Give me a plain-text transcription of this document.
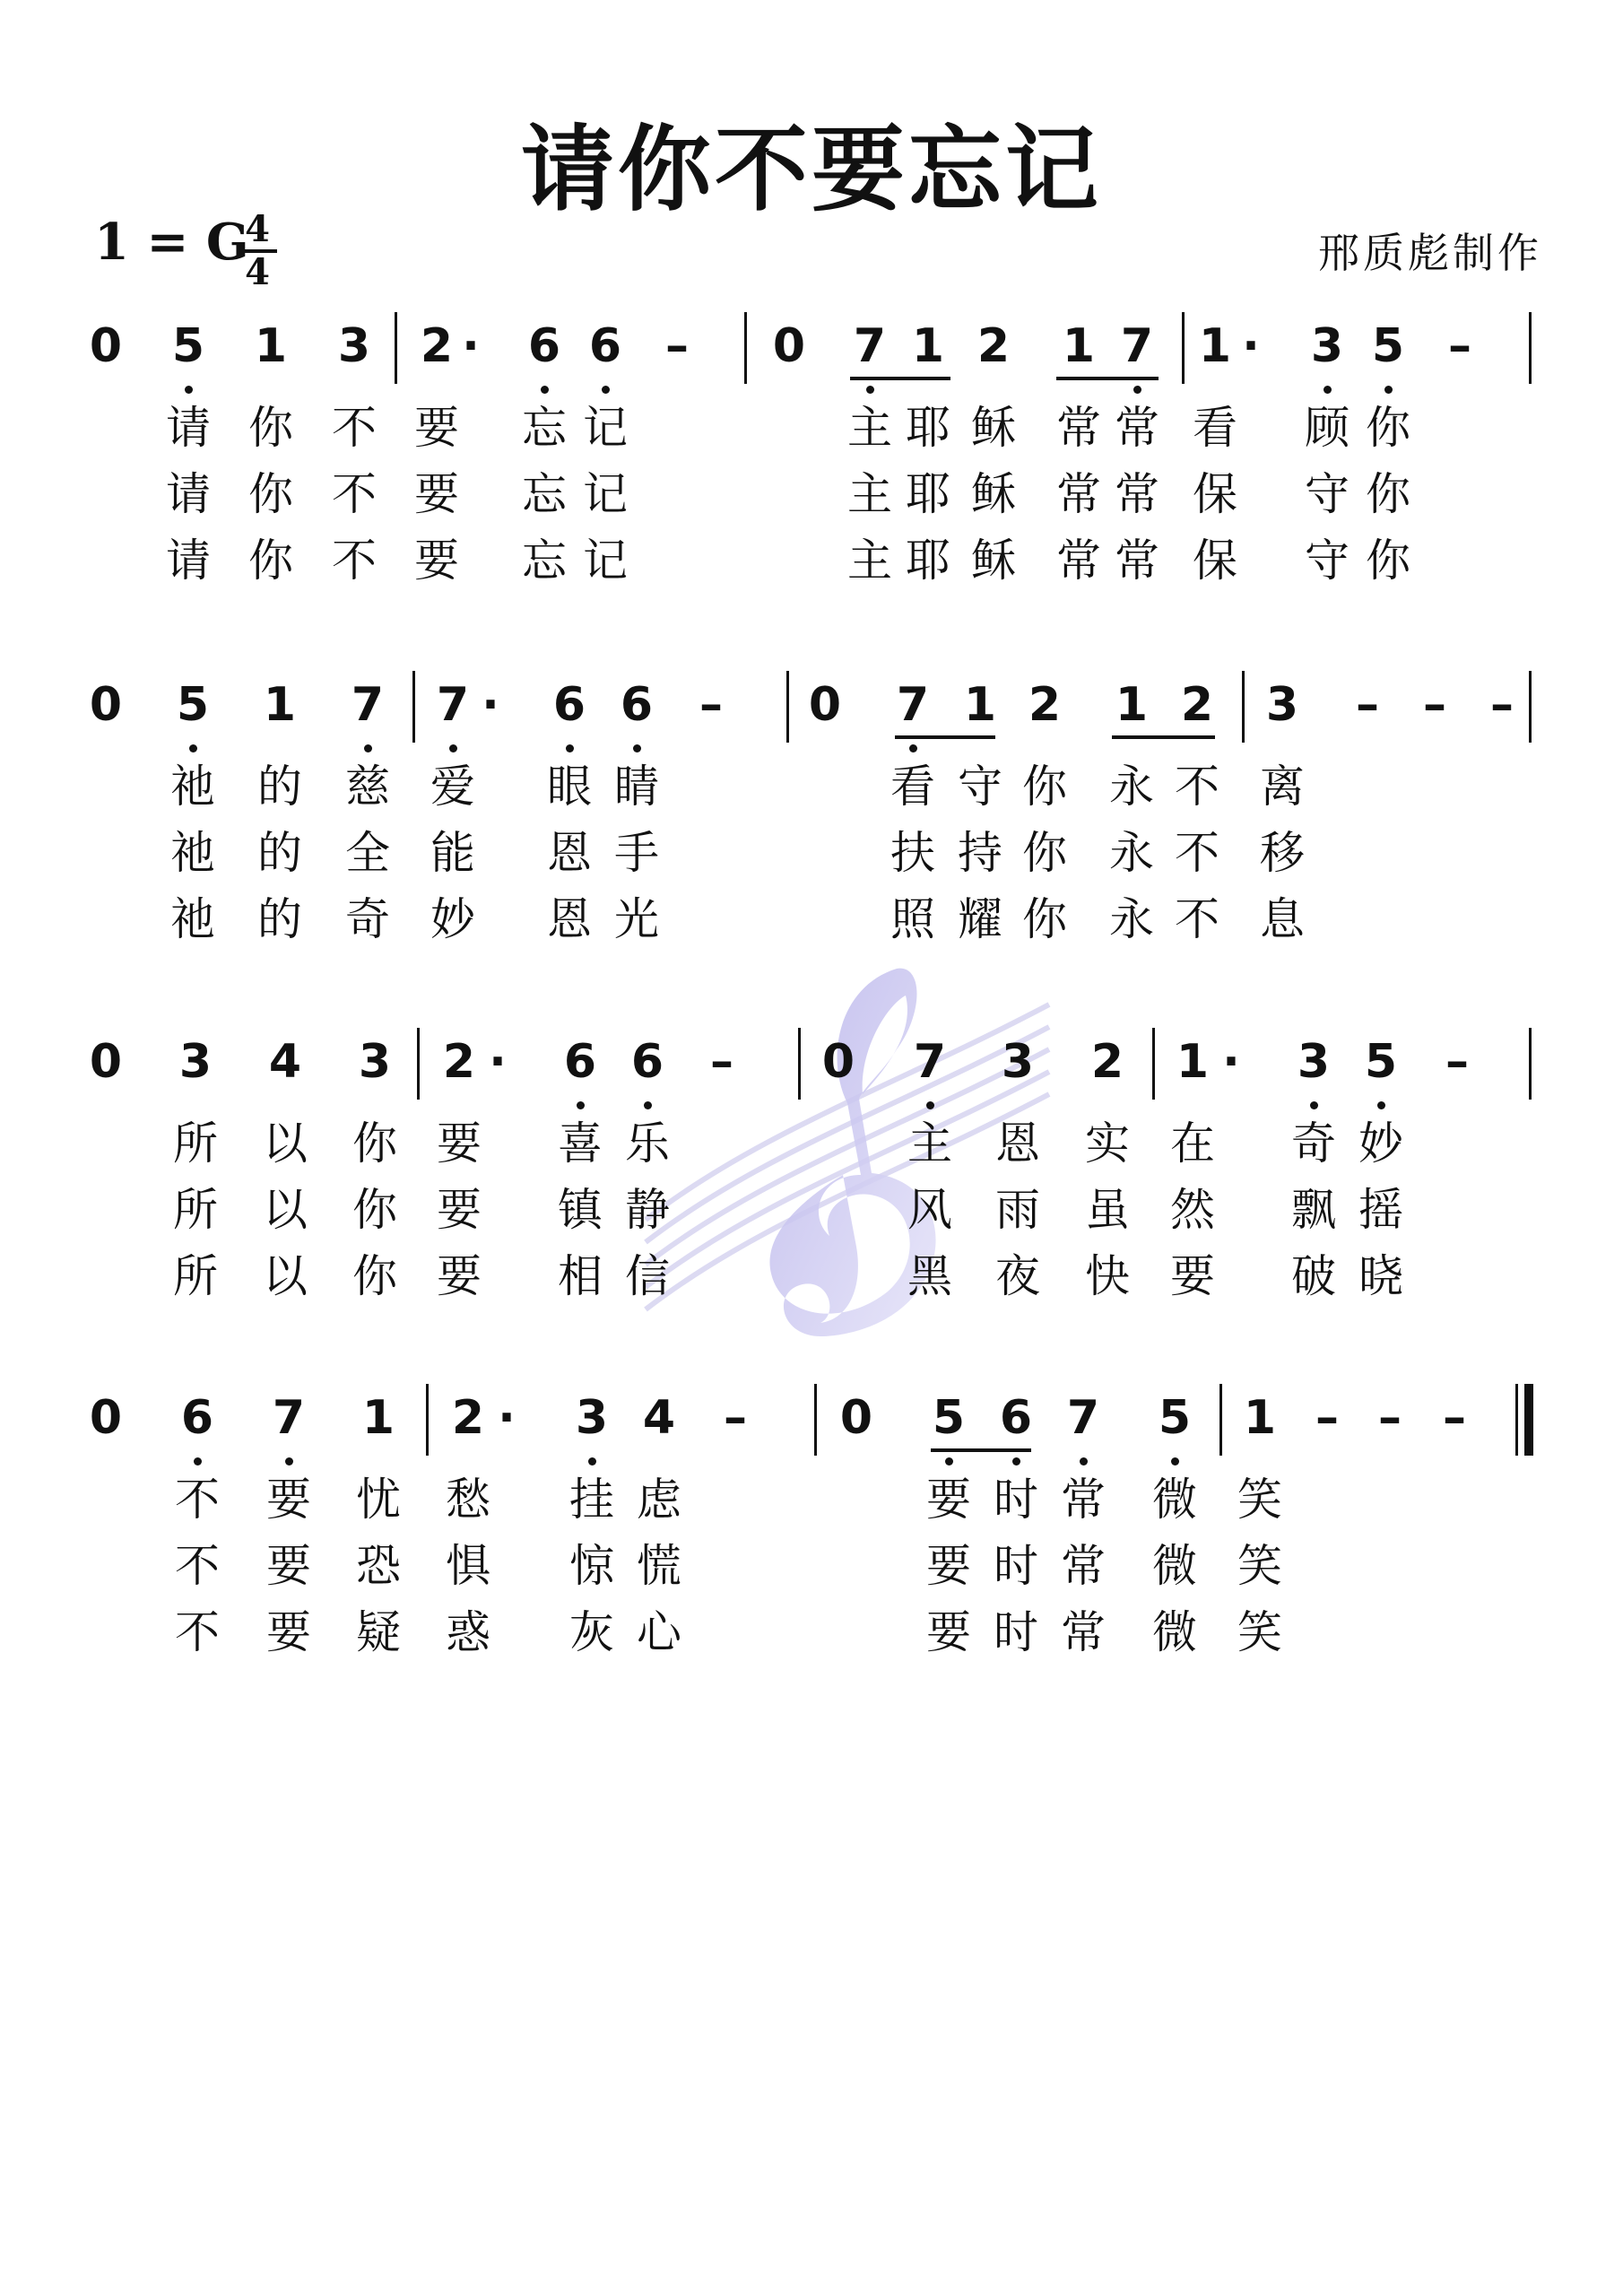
请你不要忘记
1 = G
$\frac{4}{4}$	邢质彪制作
0 5 1 3 2 · 6 6 – 0 7 1 2 1 7 1 · 3 5 –
请 你 不 要 忘 记	主 耶 稣 常 常 看 顾 你
请 你 不 要 忘 记	主 耶 稣 常 常 保 守 你
请 你 不 要 忘 记	主 耶 稣 常 常 保 守 你
0 5 1 7 7 · 6 6 – 0 7 1 2 1 2 3 – – –
祂 的 慈 爱 眼 睛	看 守 你 永 不 离
祂 的 全 能 恩 手	扶 持 你 永 不 移
祂 的 奇 妙 恩 光	照 耀 你 永 不 息
0 3 4 3 2 · 6 6 – 0 7 3 2 1 · 3 5 –
所 以 你 要 喜 乐	主 恩 实 在 奇 妙
所 以 你 要 镇 静	风 雨 虽 然 飘 摇
所 以 你 要 相 信	黑 夜 快 要 破 晓
0 6 7 1 2 · 3 4 – 0 5 6 7 5 1 – – –
不 要 忧 愁 挂 虑	要 时 常 微 笑
不 要 恐 惧 惊 慌	要 时 常 微 笑
不 要 疑 惑 灰 心	要 时 常 微 笑
